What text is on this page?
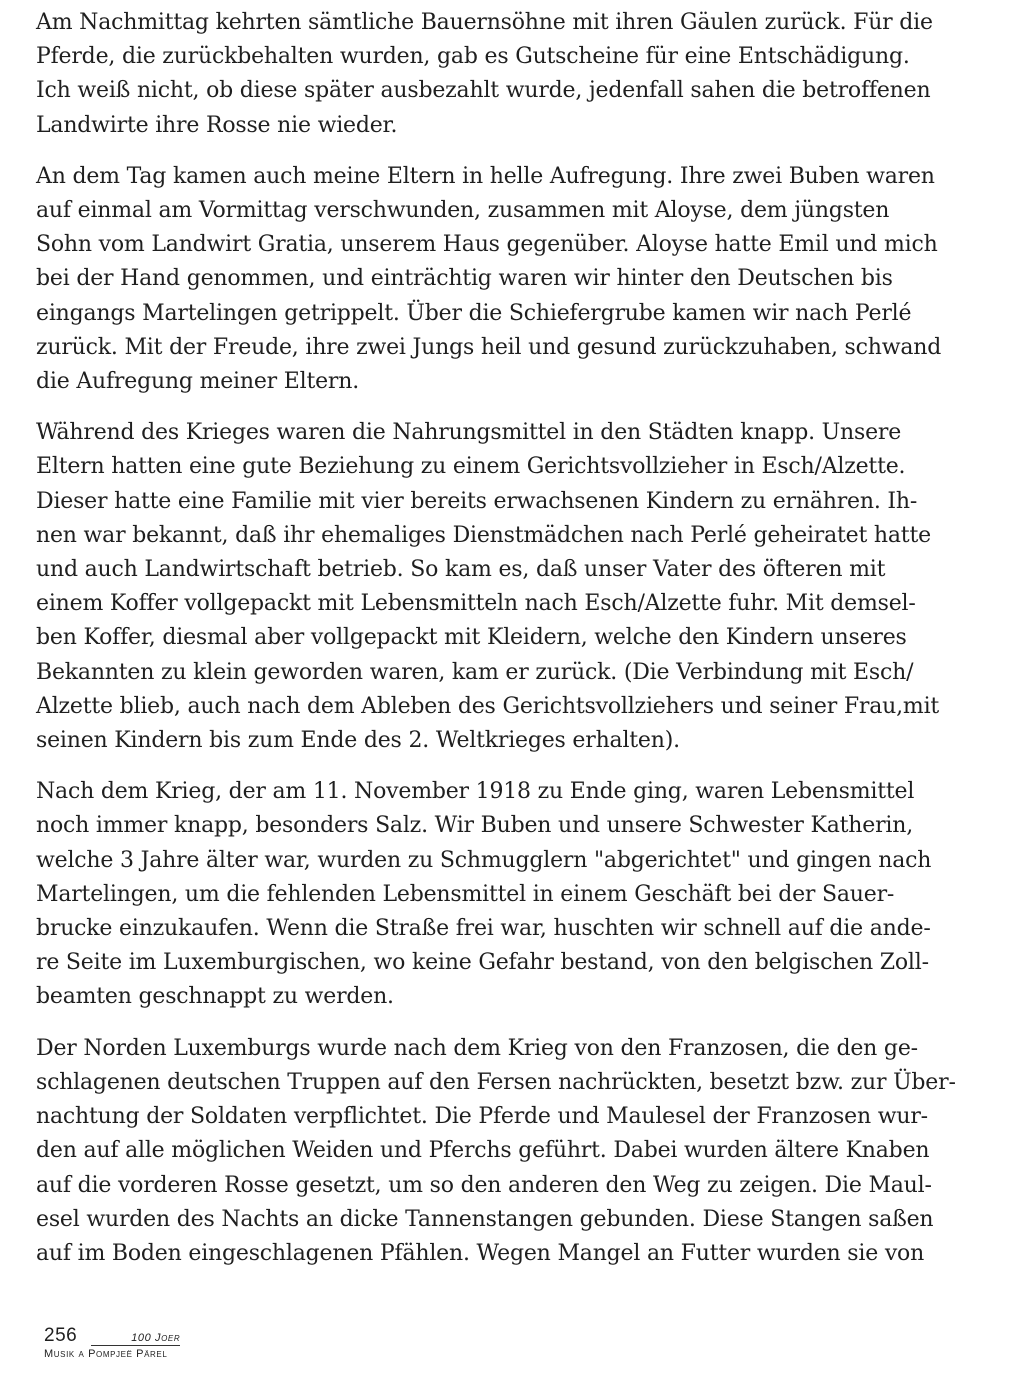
Am Nachmittag kehrten sämtliche Bauernsöhne mit ihren Gäulen zurück. Für die
Pferde, die zurückbehalten wurden, gab es Gutscheine für eine Entschädigung.
Ich weiß nicht, ob diese später ausbezahlt wurde, jedenfall sahen die betroffenen
Landwirte ihre Rosse nie wieder.
An dem Tag kamen auch meine Eltern in helle Aufregung. Ihre zwei Buben waren
auf einmal am Vormittag verschwunden, zusammen mit Aloyse, dem jüngsten
Sohn vom Landwirt Gratia, unserem Haus gegenüber. Aloyse hatte Emil und mich
bei der Hand genommen, und einträchtig waren wir hinter den Deutschen bis
eingangs Martelingen getrippelt. Über die Schiefergrube kamen wir nach Perlé
zurück. Mit der Freude, ihre zwei Jungs heil und gesund zurückzuhaben, schwand
die Aufregung meiner Eltern.
Während des Krieges waren die Nahrungsmittel in den Städten knapp. Unsere
Eltern hatten eine gute Beziehung zu einem Gerichtsvollzieher in Esch/Alzette.
Dieser hatte eine Familie mit vier bereits erwachsenen Kindern zu ernähren. Ih-
nen war bekannt, daß ihr ehemaliges Dienstmädchen nach Perlé geheiratet hatte
und auch Landwirtschaft betrieb. So kam es, daß unser Vater des öfteren mit
einem Koffer vollgepackt mit Lebensmitteln nach Esch/Alzette fuhr. Mit demsel-
ben Koffer, diesmal aber vollgepackt mit Kleidern, welche den Kindern unseres
Bekannten zu klein geworden waren, kam er zurück. (Die Verbindung mit Esch/
Alzette blieb, auch nach dem Ableben des Gerichtsvollziehers und seiner Frau,mit
seinen Kindern bis zum Ende des 2. Weltkrieges erhalten).
Nach dem Krieg, der am 11. November 1918 zu Ende ging, waren Lebensmittel
noch immer knapp, besonders Salz. Wir Buben und unsere Schwester Katherin,
welche 3 Jahre älter war, wurden zu Schmugglern "abgerichtet" und gingen nach
Martelingen, um die fehlenden Lebensmittel in einem Geschäft bei der Sauer-
brucke einzukaufen. Wenn die Straße frei war, huschten wir schnell auf die ande-
re Seite im Luxemburgischen, wo keine Gefahr bestand, von den belgischen Zoll-
beamten geschnappt zu werden.
Der Norden Luxemburgs wurde nach dem Krieg von den Franzosen, die den ge-
schlagenen deutschen Truppen auf den Fersen nachrückten, besetzt bzw. zur Über-
nachtung der Soldaten verpflichtet. Die Pferde und Maulesel der Franzosen wur-
den auf alle möglichen Weiden und Pferchs geführt. Dabei wurden ältere Knaben
auf die vorderen Rosse gesetzt, um so den anderen den Weg zu zeigen. Die Maul-
esel wurden des Nachts an dicke Tannenstangen gebunden. Diese Stangen saßen
auf im Boden eingeschlagenen Pfählen. Wegen Mangel an Futter wurden sie von
256	100 Joer
Musik a Pompjeë Pärel
